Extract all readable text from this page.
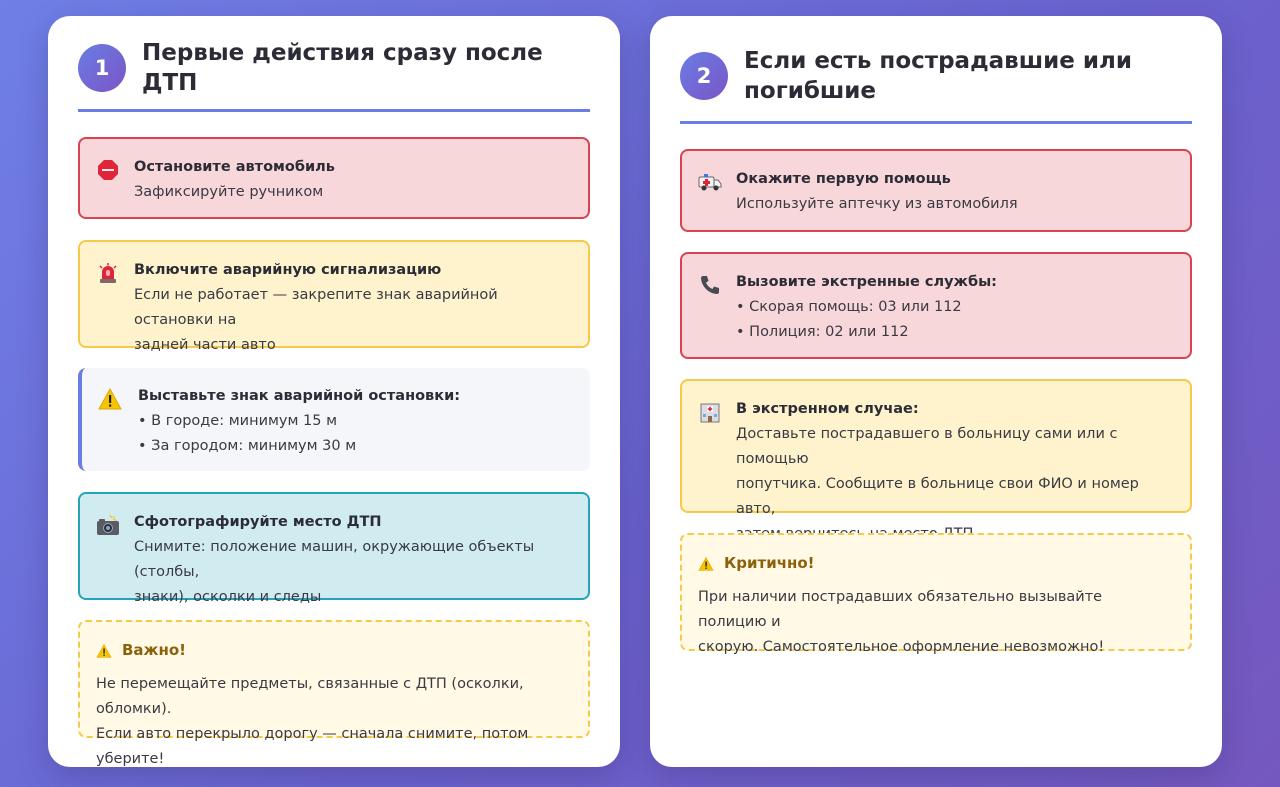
1
Первые действия сразу после ДТП
Остановите автомобиль
Зафиксируйте ручником
Включите аварийную сигнализацию
Если не работает — закрепите знак аварийной остановки на
задней части авто
Выставьте знак аварийной остановки:
• В городе: минимум 15 м
• За городом: минимум 30 м
Сфотографируйте место ДТП
Снимите: положение машин, окружающие объекты (столбы,
знаки), осколки и следы
Важно!
Не перемещайте предметы, связанные с ДТП (осколки, обломки).
Если авто перекрыло дорогу — сначала снимите, потом уберите!
2
Если есть пострадавшие или
погибшие
Окажите первую помощь
Используйте аптечку из автомобиля
Вызовите экстренные службы:
• Скорая помощь: 03 или 112
• Полиция: 02 или 112
В экстренном случае:
Доставьте пострадавшего в больницу сами или с помощью
попутчика. Сообщите в больнице свои ФИО и номер авто,
Критично!
При наличии пострадавших обязательно вызывайте полицию и
скорую. Самостоятельное оформление невозможно!
